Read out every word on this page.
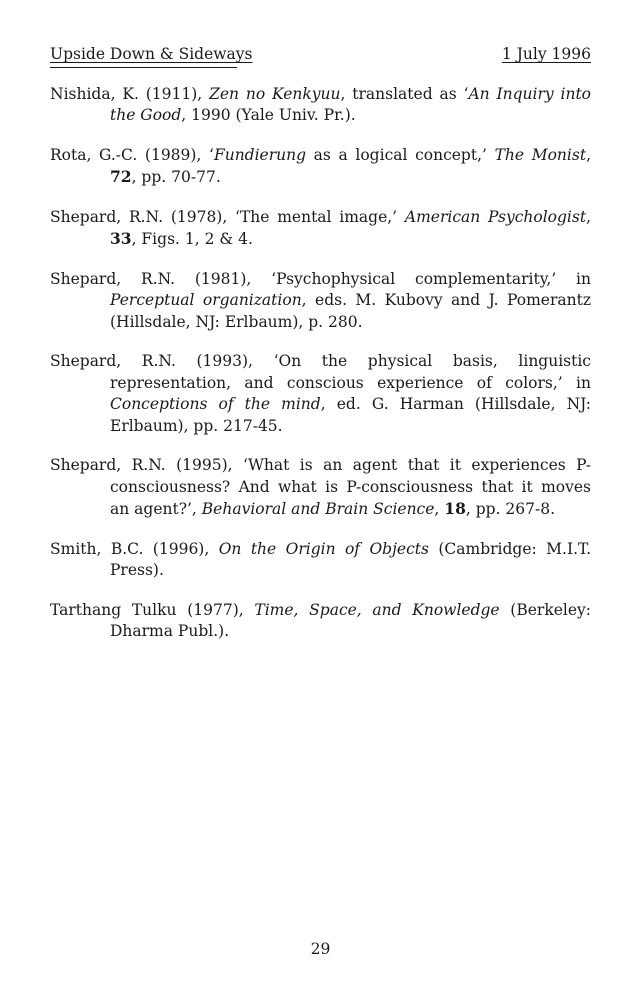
Upside Down & Sideways	1 July 1996

Nishida, K. (1911), Zen no Kenkyuu, translated as ‘An Inquiry into the Good, 1990 (Yale Univ. Pr.).

Rota, G.-C. (1989), ‘Fundierung as a logical concept,’ The Monist, 72, pp. 70-77.

Shepard, R.N. (1978), ‘The mental image,’ American Psychologist, 33, Figs. 1, 2 & 4.

Shepard, R.N. (1981), ‘Psychophysical complementarity,’ in Perceptual organization, eds. M. Kubovy and J. Pomerantz (Hillsdale, NJ: Erlbaum), p. 280.

Shepard, R.N. (1993), ‘On the physical basis, linguistic representation, and conscious experience of colors,’ in Conceptions of the mind, ed. G. Harman (Hillsdale, NJ: Erlbaum), pp. 217-45.

Shepard, R.N. (1995), ‘What is an agent that it experiences P-consciousness? And what is P-consciousness that it moves an agent?’, Behavioral and Brain Science, 18, pp. 267-8.

Smith, B.C. (1996), On the Origin of Objects (Cambridge: M.I.T. Press).

Tarthang Tulku (1977), Time, Space, and Knowledge (Berkeley: Dharma Publ.).

29
